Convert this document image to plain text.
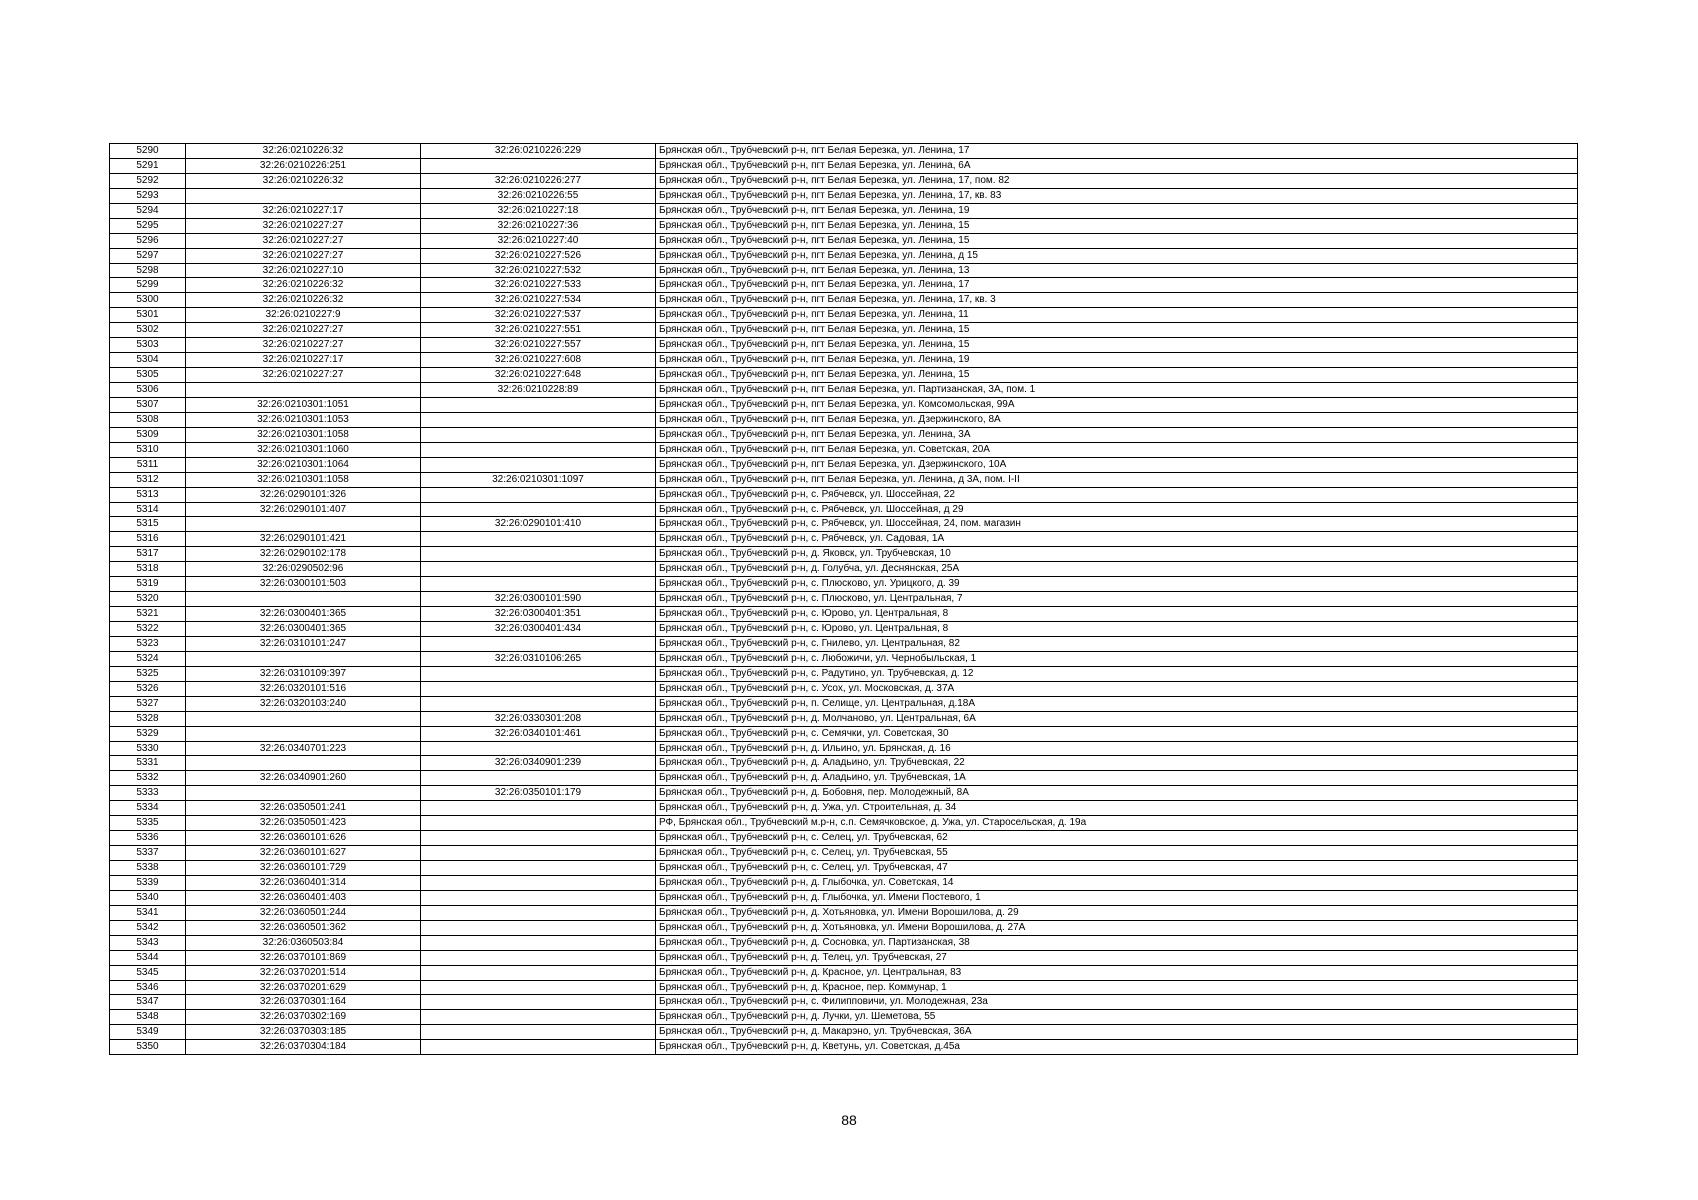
5290	32:26:0210226:32	32:26:0210226:229	Брянская обл., Трубчевский р-н, пгт Белая Березка, ул. Ленина, 17
5291	32:26:0210226:251		Брянская обл., Трубчевский р-н, пгт Белая Березка, ул. Ленина, 6А
5292	32:26:0210226:32	32:26:0210226:277	Брянская обл., Трубчевский р-н, пгт Белая Березка, ул. Ленина, 17, пом. 82
5293		32:26:0210226:55	Брянская обл., Трубчевский р-н, пгт Белая Березка, ул. Ленина, 17, кв. 83
5294	32:26:0210227:17	32:26:0210227:18	Брянская обл., Трубчевский р-н, пгт Белая Березка, ул. Ленина, 19
5295	32:26:0210227:27	32:26:0210227:36	Брянская обл., Трубчевский р-н, пгт Белая Березка, ул. Ленина, 15
5296	32:26:0210227:27	32:26:0210227:40	Брянская обл., Трубчевский р-н, пгт Белая Березка, ул. Ленина, 15
5297	32:26:0210227:27	32:26:0210227:526	Брянская обл., Трубчевский р-н, пгт Белая Березка, ул. Ленина, д 15
5298	32:26:0210227:10	32:26:0210227:532	Брянская обл., Трубчевский р-н, пгт Белая Березка, ул. Ленина, 13
5299	32:26:0210226:32	32:26:0210227:533	Брянская обл., Трубчевский р-н, пгт Белая Березка, ул. Ленина, 17
5300	32:26:0210226:32	32:26:0210227:534	Брянская обл., Трубчевский р-н, пгт Белая Березка, ул. Ленина, 17, кв. 3
5301	32:26:0210227:9	32:26:0210227:537	Брянская обл., Трубчевский р-н, пгт Белая Березка, ул. Ленина, 11
5302	32:26:0210227:27	32:26:0210227:551	Брянская обл., Трубчевский р-н, пгт Белая Березка, ул. Ленина, 15
5303	32:26:0210227:27	32:26:0210227:557	Брянская обл., Трубчевский р-н, пгт Белая Березка, ул. Ленина, 15
5304	32:26:0210227:17	32:26:0210227:608	Брянская обл., Трубчевский р-н, пгт Белая Березка, ул. Ленина, 19
5305	32:26:0210227:27	32:26:0210227:648	Брянская обл., Трубчевский р-н, пгт Белая Березка, ул. Ленина, 15
5306		32:26:0210228:89	Брянская обл., Трубчевский р-н, пгт Белая Березка, ул. Партизанская, 3А, пом. 1
5307	32:26:0210301:1051		Брянская обл., Трубчевский р-н, пгт Белая Березка, ул. Комсомольская, 99А
5308	32:26:0210301:1053		Брянская обл., Трубчевский р-н, пгт Белая Березка, ул. Дзержинского, 8А
5309	32:26:0210301:1058		Брянская обл., Трубчевский р-н, пгт Белая Березка, ул. Ленина, 3А
5310	32:26:0210301:1060		Брянская обл., Трубчевский р-н, пгт Белая Березка, ул. Советская, 20А
5311	32:26:0210301:1064		Брянская обл., Трубчевский р-н, пгт Белая Березка, ул. Дзержинского, 10А
5312	32:26:0210301:1058	32:26:0210301:1097	Брянская обл., Трубчевский р-н, пгт Белая Березка, ул. Ленина, д 3А, пом. I-II
5313	32:26:0290101:326		Брянская обл., Трубчевский р-н, с. Рябчевск, ул. Шоссейная, 22
5314	32:26:0290101:407		Брянская обл., Трубчевский р-н, с. Рябчевск, ул. Шоссейная, д 29
5315		32:26:0290101:410	Брянская обл., Трубчевский р-н, с. Рябчевск, ул. Шоссейная, 24, пом. магазин
5316	32:26:0290101:421		Брянская обл., Трубчевский р-н, с. Рябчевск, ул. Садовая, 1А
5317	32:26:0290102:178		Брянская обл., Трубчевский р-н, д. Яковск, ул. Трубчевская, 10
5318	32:26:0290502:96		Брянская обл., Трубчевский р-н, д. Голубча, ул. Деснянская, 25А
5319	32:26:0300101:503		Брянская обл., Трубчевский р-н, с. Плюсково, ул. Урицкого, д. 39
5320		32:26:0300101:590	Брянская обл., Трубчевский р-н, с. Плюсково, ул. Центральная, 7
5321	32:26:0300401:365	32:26:0300401:351	Брянская обл., Трубчевский р-н, с. Юрово, ул. Центральная, 8
5322	32:26:0300401:365	32:26:0300401:434	Брянская обл., Трубчевский р-н, с. Юрово, ул. Центральная, 8
5323	32:26:0310101:247		Брянская обл., Трубчевский р-н, с. Гнилево, ул. Центральная, 82
5324		32:26:0310106:265	Брянская обл., Трубчевский р-н, с. Любожичи, ул. Чернобыльская, 1
5325	32:26:0310109:397		Брянская обл., Трубчевский р-н, с. Радутино, ул. Трубчевская, д. 12
5326	32:26:0320101:516		Брянская обл., Трубчевский р-н, с. Усох, ул. Московская, д. 37А
5327	32:26:0320103:240		Брянская обл., Трубчевский р-н, п. Селище, ул. Центральная, д.18А
5328		32:26:0330301:208	Брянская обл., Трубчевский р-н, д. Молчаново, ул. Центральная, 6А
5329		32:26:0340101:461	Брянская обл., Трубчевский р-н, с. Семячки, ул. Советская, 30
5330	32:26:0340701:223		Брянская обл., Трубчевский р-н, д. Ильино, ул. Брянская, д. 16
5331		32:26:0340901:239	Брянская обл., Трубчевский р-н, д. Аладьино, ул. Трубчевская, 22
5332	32:26:0340901:260		Брянская обл., Трубчевский р-н, д. Аладьино, ул. Трубчевская, 1А
5333		32:26:0350101:179	Брянская обл., Трубчевский р-н, д. Бобовня, пер. Молодежный, 8А
5334	32:26:0350501:241		Брянская обл., Трубчевский р-н, д. Ужа, ул. Строительная, д. 34
5335	32:26:0350501:423		РФ, Брянская обл., Трубчевский м.р-н, с.п. Семячковское, д. Ужа, ул. Старосельская, д. 19а
5336	32:26:0360101:626		Брянская обл., Трубчевский р-н, с. Селец, ул. Трубчевская, 62
5337	32:26:0360101:627		Брянская обл., Трубчевский р-н, с. Селец, ул. Трубчевская, 55
5338	32:26:0360101:729		Брянская обл., Трубчевский р-н, с. Селец, ул. Трубчевская, 47
5339	32:26:0360401:314		Брянская обл., Трубчевский р-н, д. Глыбочка, ул. Советская, 14
5340	32:26:0360401:403		Брянская обл., Трубчевский р-н, д. Глыбочка, ул. Имени Постевого, 1
5341	32:26:0360501:244		Брянская обл., Трубчевский р-н, д. Хотьяновка, ул. Имени Ворошилова, д. 29
5342	32:26:0360501:362		Брянская обл., Трубчевский р-н, д. Хотьяновка, ул. Имени Ворошилова, д. 27А
5343	32:26:0360503:84		Брянская обл., Трубчевский р-н, д. Сосновка, ул. Партизанская, 38
5344	32:26:0370101:869		Брянская обл., Трубчевский р-н, д. Телец, ул. Трубчевская, 27
5345	32:26:0370201:514		Брянская обл., Трубчевский р-н, д. Красное, ул. Центральная, 83
5346	32:26:0370201:629		Брянская обл., Трубчевский р-н, д. Красное, пер. Коммунар, 1
5347	32:26:0370301:164		Брянская обл., Трубчевский р-н, с. Филипповичи, ул. Молодежная, 23а
5348	32:26:0370302:169		Брянская обл., Трубчевский р-н, д. Лучки, ул. Шеметова, 55
5349	32:26:0370303:185		Брянская обл., Трубчевский р-н, д. Макарэно, ул. Трубчевская, 36А
5350	32:26:0370304:184		Брянская обл., Трубчевский р-н, д. Кветунь, ул. Советская, д.45а
88
